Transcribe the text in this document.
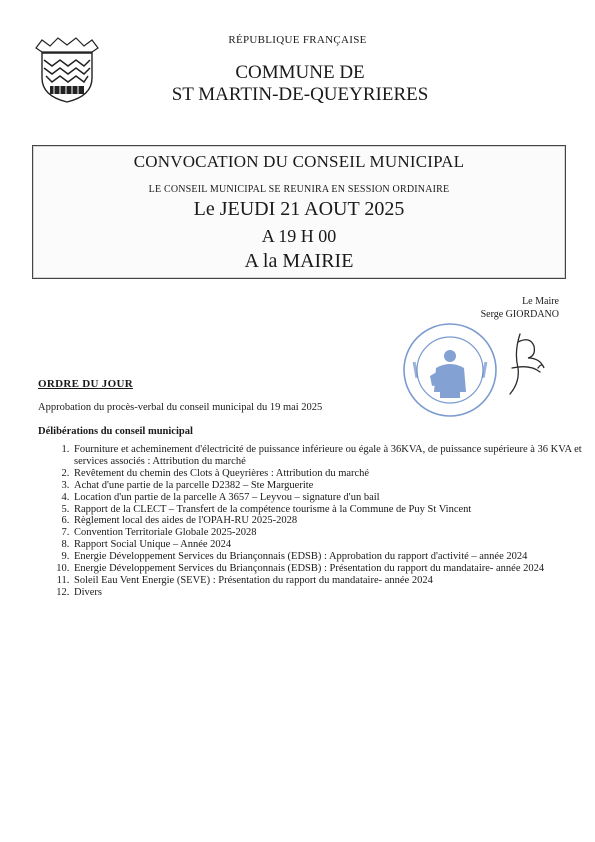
RÉPUBLIQUE FRANÇAISE
COMMUNE DE
ST MARTIN-DE-QUEYRIERES
CONVOCATION DU CONSEIL MUNICIPAL
LE CONSEIL MUNICIPAL SE REUNIRA EN SESSION ORDINAIRE
Le JEUDI 21 AOUT 2025
A 19 H 00
A la MAIRIE
Le Maire
Serge GIORDANO
ORDRE DU JOUR
Approbation du procès-verbal du conseil municipal du 19 mai 2025
Délibérations du conseil municipal
1. Fourniture et acheminement d'électricité de puissance inférieure ou égale à 36KVA, de puissance supérieure à 36 KVA et services associés : Attribution du marché
2. Revêtement du chemin des Clots à Queyrières : Attribution du marché
3. Achat d'une partie de la parcelle D2382 – Ste Marguerite
4. Location d'un partie de la parcelle A 3657 – Leyvou – signature d'un bail
5. Rapport de la CLECT – Transfert de la compétence tourisme à la Commune de Puy St Vincent
6. Règlement local des aides de l'OPAH-RU 2025-2028
7. Convention Territoriale Globale 2025-2028
8. Rapport Social Unique – Année 2024
9. Energie Développement Services du Briançonnais (EDSB) : Approbation du rapport d'activité – année 2024
10. Energie Développement Services du Briançonnais (EDSB) : Présentation du rapport du mandataire- année 2024
11. Soleil Eau Vent Energie (SEVE) : Présentation du rapport du mandataire- année 2024
12. Divers
